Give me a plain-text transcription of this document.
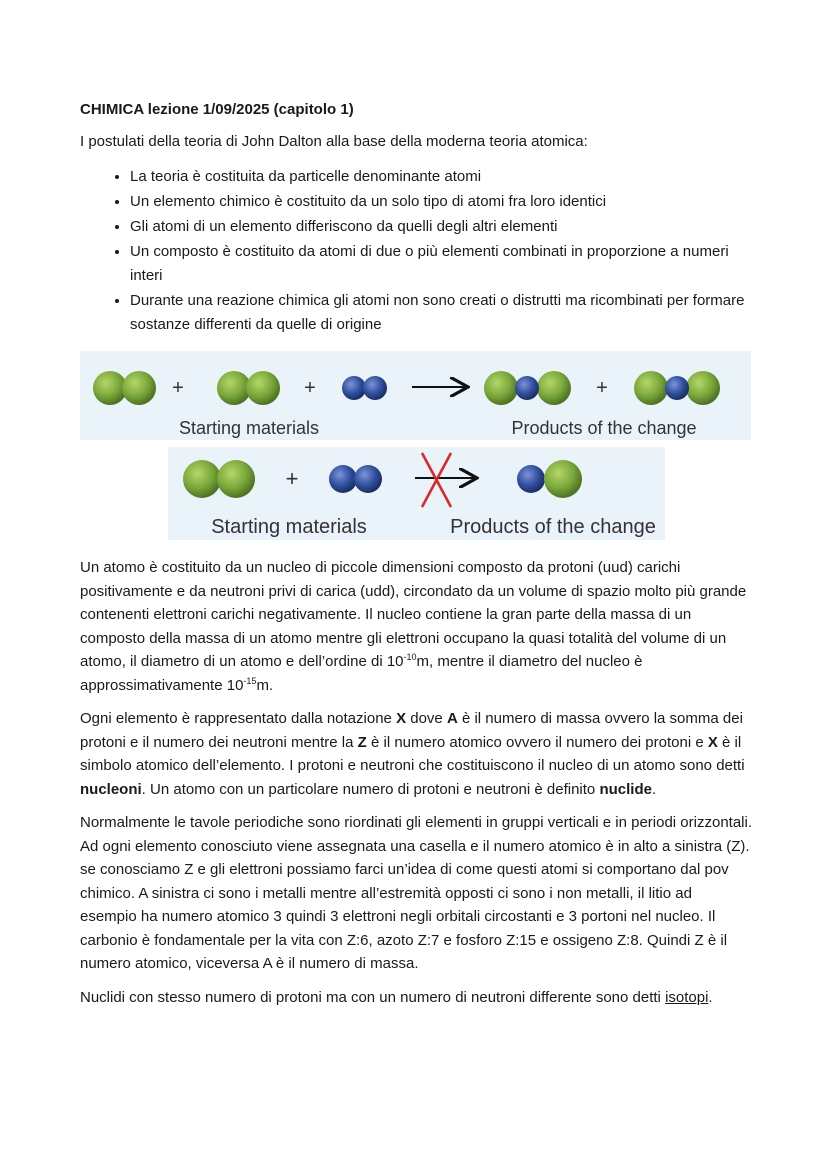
CHIMICA lezione 1/09/2025 (capitolo 1)

I postulati della teoria di John Dalton alla base della moderna teoria atomica:

• La teoria è costituita da particelle denominante atomi
• Un elemento chimico è costituito da un solo tipo di atomi fra loro identici
• Gli atomi di un elemento differiscono da quelli degli altri elementi
• Un composto è costituito da atomi di due o più elementi combinati in proporzione a numeri interi
• Durante una reazione chimica gli atomi non sono creati o distrutti ma ricombinati per formare sostanze differenti da quelle di origine
+	+	+
Starting materials	Products of the change
+
Starting materials	Products of the change

Un atomo è costituito da un nucleo di piccole dimensioni composto da protoni (uud) carichi positivamente e da neutroni privi di carica (udd), circondato da un volume di spazio molto più grande contenenti elettroni carichi negativamente. Il nucleo contiene la gran parte della massa di un composto della massa di un atomo mentre gli elettroni occupano la quasi totalità del volume di un atomo, il diametro di un atomo e dell’ordine di $10^{-10}m$, mentre il diametro del nucleo è approssimativamente $10^{-15}m$.

Ogni elemento è rappresentato dalla notazione X dove A è il numero di massa ovvero la somma dei protoni e il numero dei neutroni mentre la Z è il numero atomico ovvero il numero dei protoni e X è il simbolo atomico dell’elemento. I protoni e neutroni che costituiscono il nucleo di un atomo sono detti nucleoni. Un atomo con un particolare numero di protoni e neutroni è definito nuclide.

Normalmente le tavole periodiche sono riordinati gli elementi in gruppi verticali e in periodi orizzontali. Ad ogni elemento conosciuto viene assegnata una casella e il numero atomico è in alto a sinistra (Z). se conosciamo Z e gli elettroni possiamo farci un’idea di come questi atomi si comportano dal pov chimico. A sinistra ci sono i metalli mentre all’estremità opposti ci sono i non metalli, il litio ad esempio ha numero atomico 3 quindi 3 elettroni negli orbitali circostanti e 3 portoni nel nucleo. Il carbonio è fondamentale per la vita con Z:6, azoto Z:7 e fosforo Z:15 e ossigeno Z:8. Quindi Z è il numero atomico, viceversa A è il numero di massa.

Nuclidi con stesso numero di protoni ma con un numero di neutroni differente sono detti isotopi.
